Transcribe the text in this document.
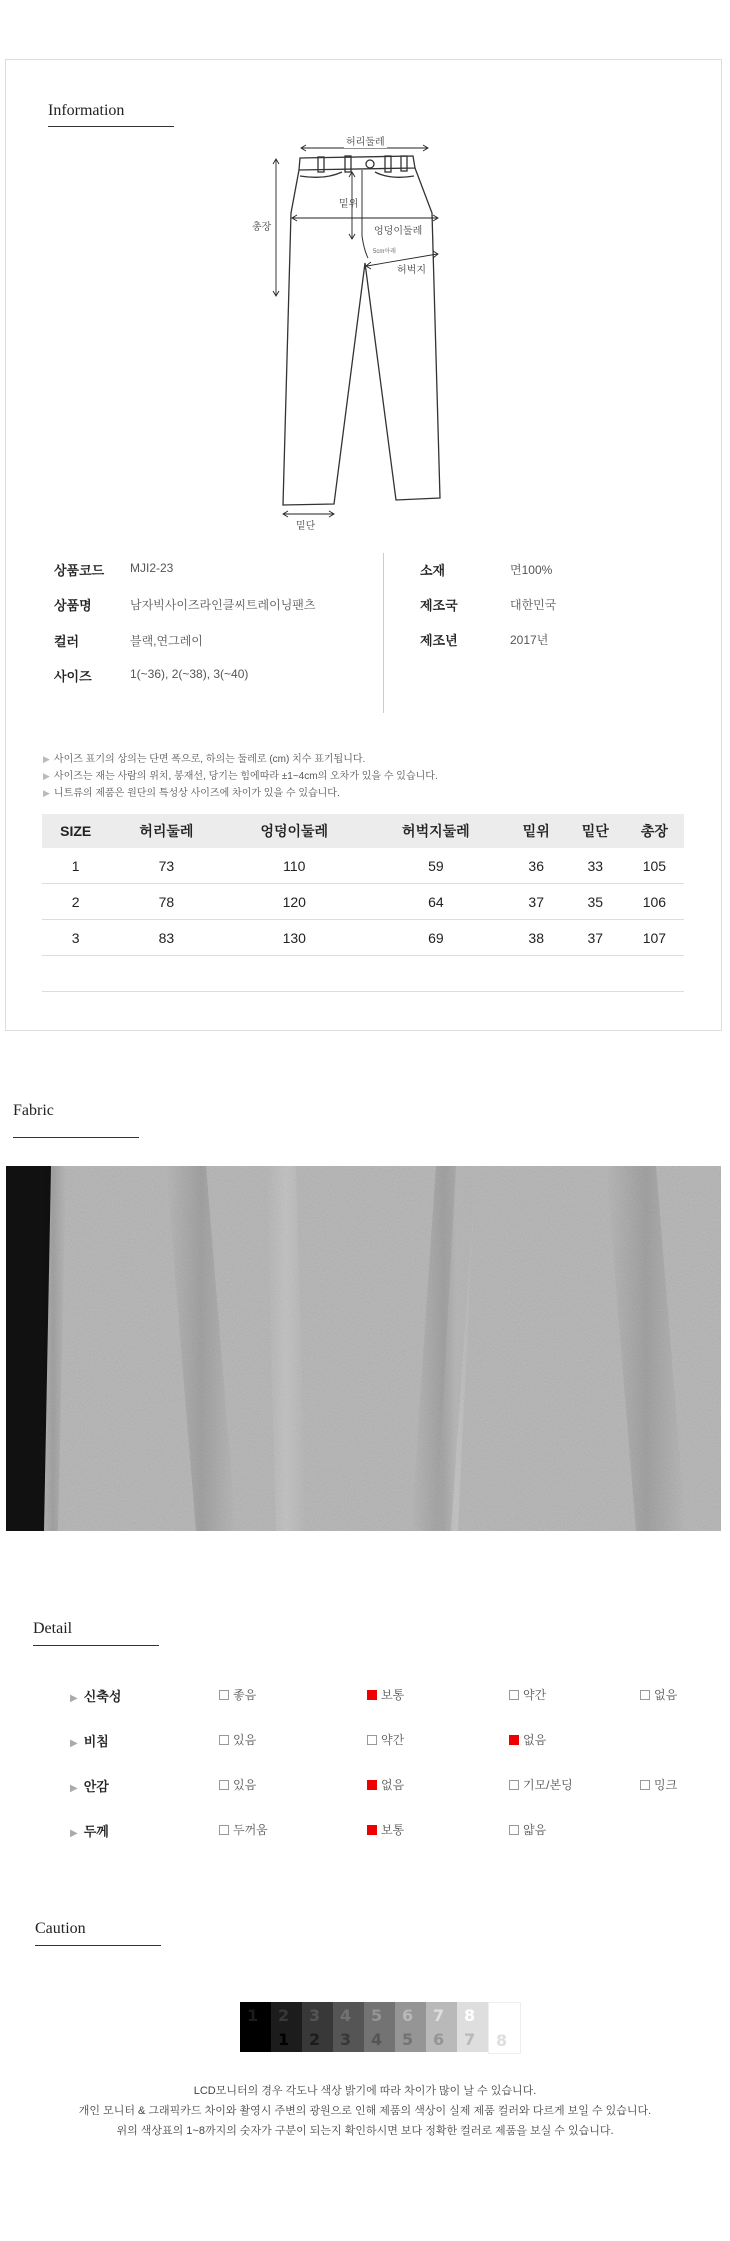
Information
허리둘레
밑위
총장	엉덩이둘레
5cm아래
허벅지
밑단
상품코드 MJI2-23
상품명	남자빅사이즈라인클씨트레이닝팬츠
컬러	블랙,연그레이
사이즈	1(~36), 2(~38), 3(~40)
소재	면100%
제조국	대한민국
제조년	2017년
▶ 사이즈 표기의 상의는 단면 폭으로, 하의는 둘레로 (cm) 치수 표기됩니다.
▶ 사이즈는 재는 사람의 위치, 봉재선, 당기는 힘에따라 ±1~4cm의 오차가 있을 수 있습니다.
▶ 니트류의 제품은 원단의 특성상 사이즈에 차이가 있을 수 있습니다.
SIZE	허리둘레	엉덩이둘레	허벅지둘레	밑위	밑단	총장
1	73	110	59	36	33	105
2	78	120	64	37	35	106
3	83	130	69	38	37	107

Fabric
Detail
▶ 신축성	좋음	보통	약간	없음
▶ 비침	있음	약간	없음
▶ 안감	있음	없음	기모/본딩	밍크
▶ 두께	두꺼움	보통	얇음
Caution
1 2
1
3
2
4
3
5
4
6
5
7
6
8
7 8
LCD모니터의 경우 각도나 색상 밝기에 따라 차이가 많이 날 수 있습니다.
개인 모니터 & 그래픽카드 차이와 촬영시 주변의 광원으로 인해 제품의 색상이 실제 제품 컬러와 다르게 보일 수 있습니다.
위의 색상표의 1~8까지의 숫자가 구분이 되는지 확인하시면 보다 정확한 컬러로 제품을 보실 수 있습니다.
